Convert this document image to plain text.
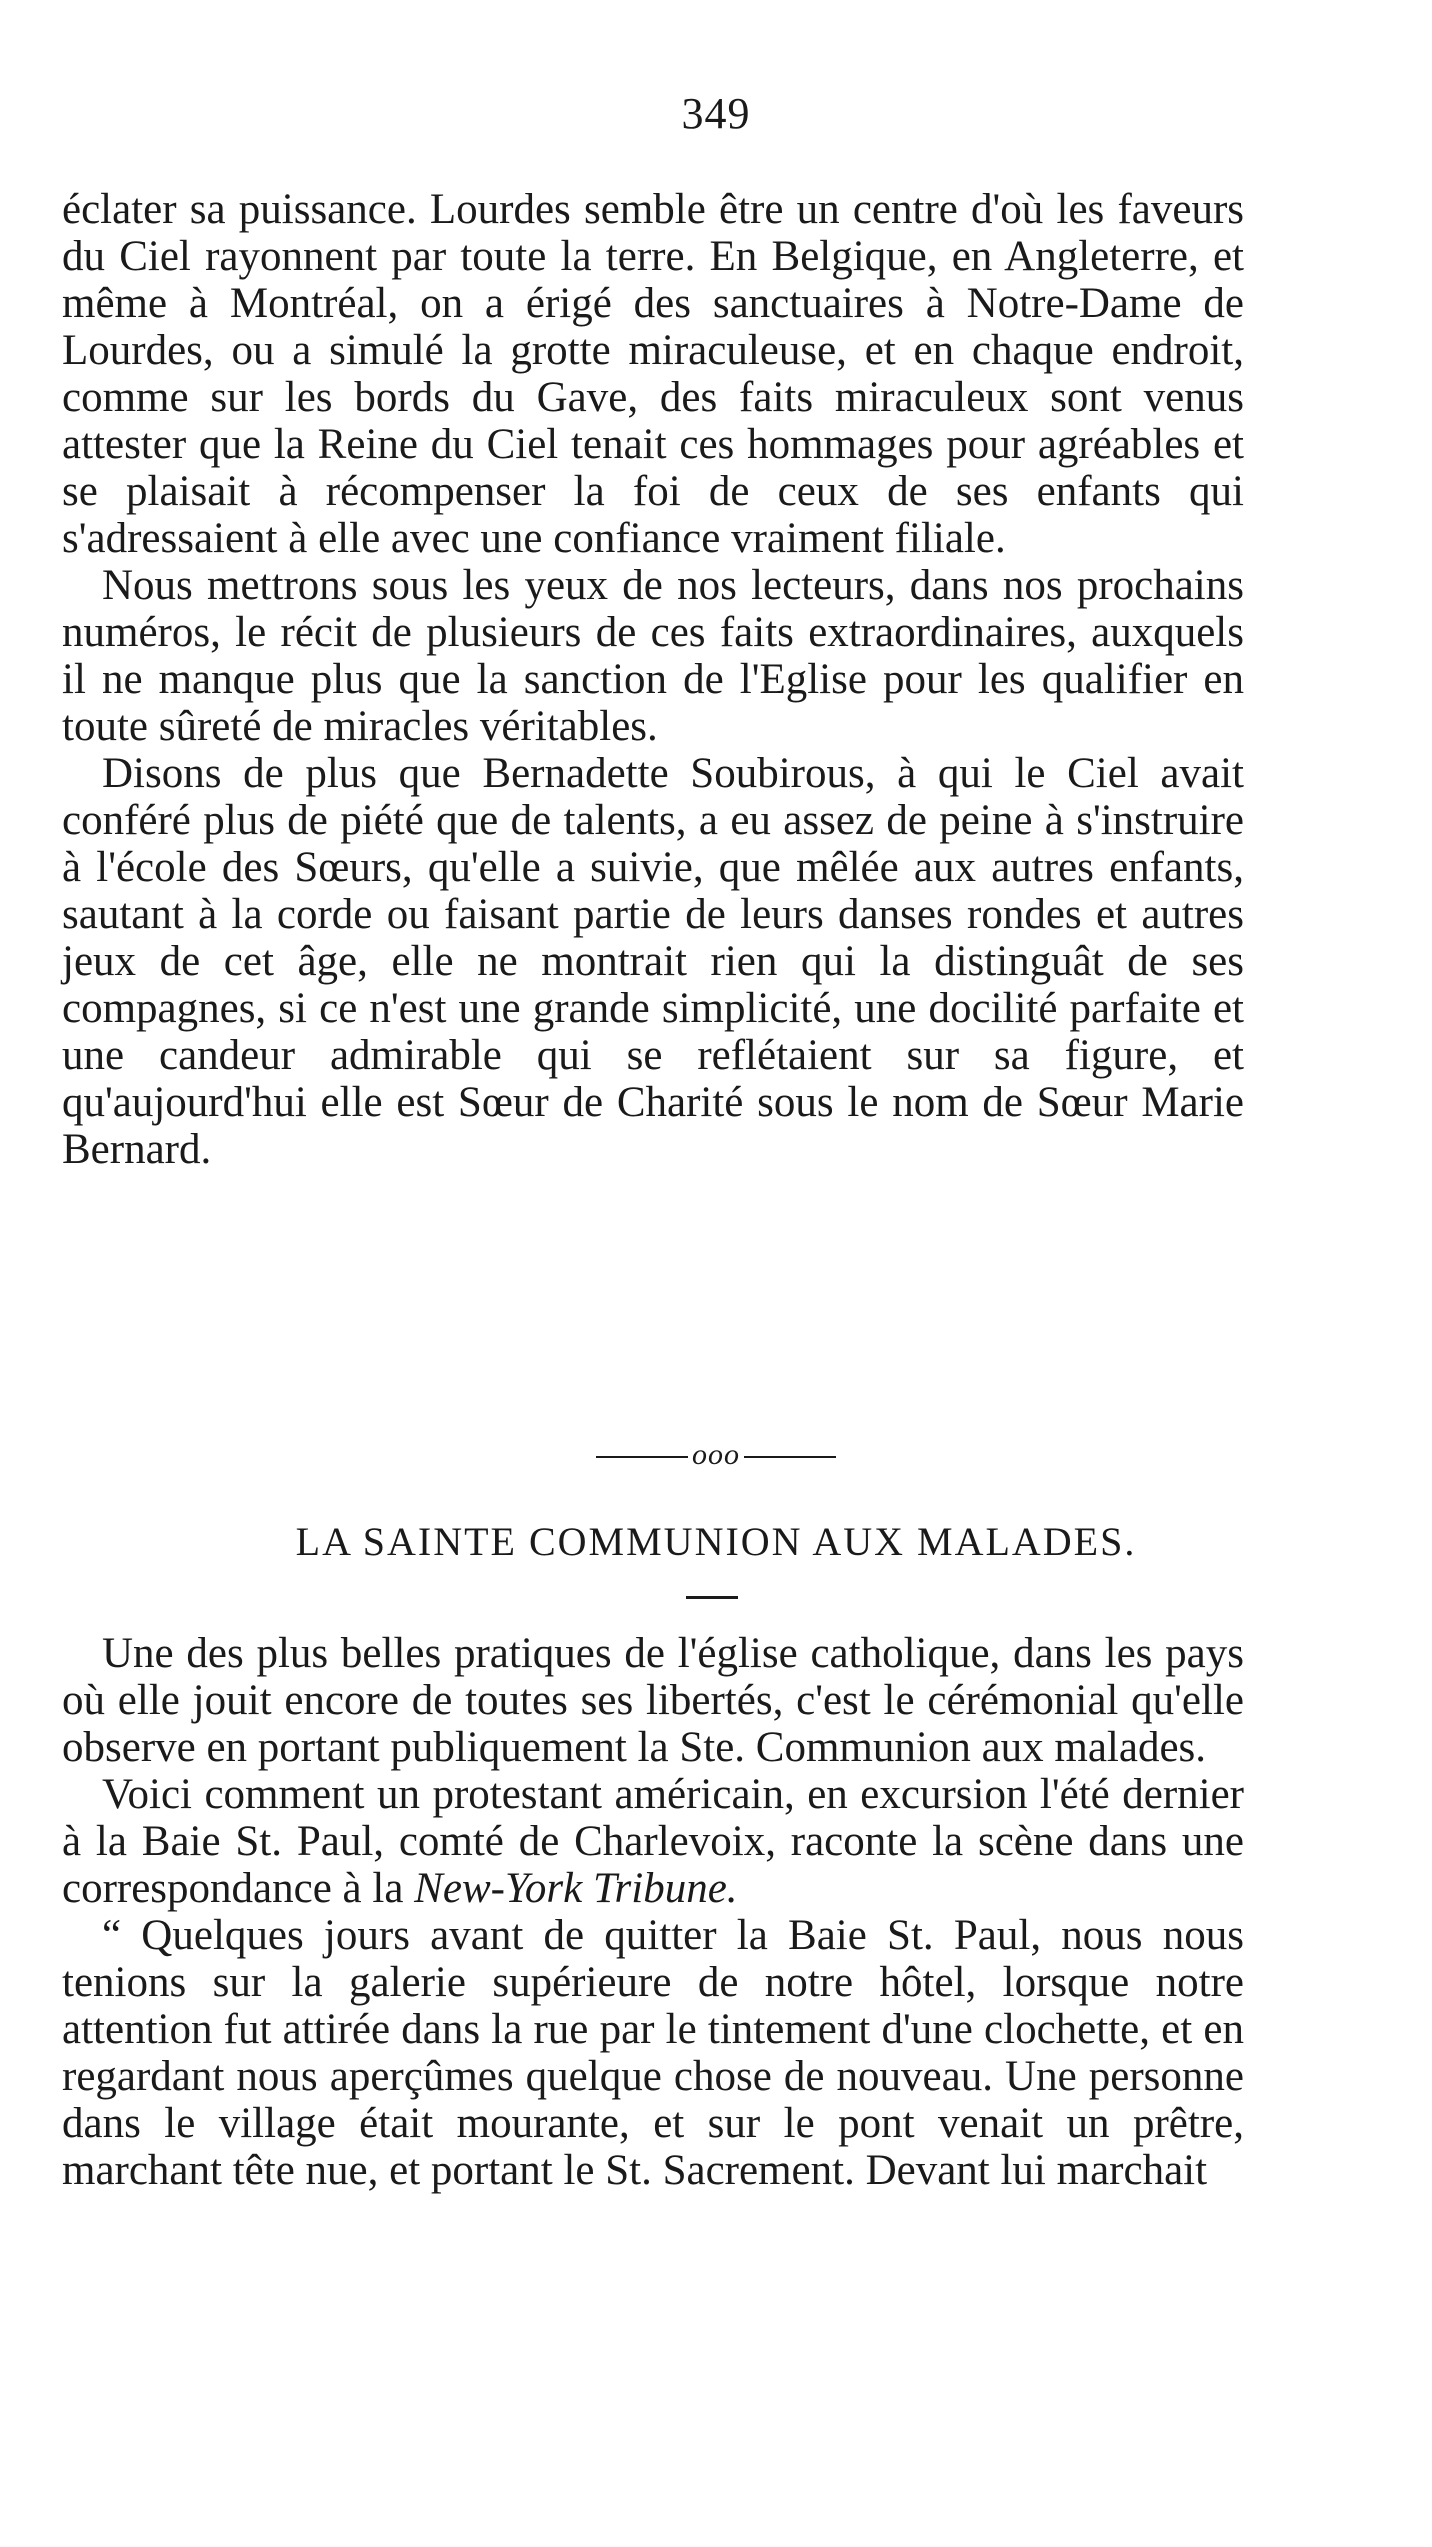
349

éclater sa puissance. Lourdes semble être un centre d'où les faveurs du Ciel rayonnent par toute la terre. En Belgique, en Angleterre, et même à Montréal, on a érigé des sanctuaires à Notre-Dame de Lourdes, ou a simulé la grotte miraculeuse, et en chaque endroit, comme sur les bords du Gave, des faits miraculeux sont venus attester que la Reine du Ciel tenait ces hommages pour agréables et se plaisait à récompenser la foi de ceux de ses enfants qui s'adressaient à elle avec une confiance vraiment filiale.

Nous mettrons sous les yeux de nos lecteurs, dans nos prochains numéros, le récit de plusieurs de ces faits extraordinaires, auxquels il ne manque plus que la sanction de l'Eglise pour les qualifier en toute sûreté de miracles véritables.

Disons de plus que Bernadette Soubirous, à qui le Ciel avait conféré plus de piété que de talents, a eu assez de peine à s'instruire à l'école des Sœurs, qu'elle a suivie, que mêlée aux autres enfants, sautant à la corde ou faisant partie de leurs danses rondes et autres jeux de cet âge, elle ne montrait rien qui la distinguât de ses compagnes, si ce n'est une grande simplicité, une docilité parfaite et une candeur admirable qui se reflétaient sur sa figure, et qu'aujourd'hui elle est Sœur de Charité sous le nom de Sœur Marie Bernard.

ooo
LA SAINTE COMMUNION AUX MALADES.

Une des plus belles pratiques de l'église catholique, dans les pays où elle jouit encore de toutes ses libertés, c'est le cérémonial qu'elle observe en portant publiquement la Ste. Communion aux malades.

Voici comment un protestant américain, en excursion l'été dernier à la Baie St. Paul, comté de Charlevoix, raconte la scène dans une correspondance à la New-York Tribune.

“ Quelques jours avant de quitter la Baie St. Paul, nous nous tenions sur la galerie supérieure de notre hôtel, lorsque notre attention fut attirée dans la rue par le tintement d'une clochette, et en regardant nous aperçûmes quelque chose de nouveau. Une personne dans le village était mourante, et sur le pont venait un prêtre, marchant tête nue, et portant le St. Sacrement. Devant lui marchait
